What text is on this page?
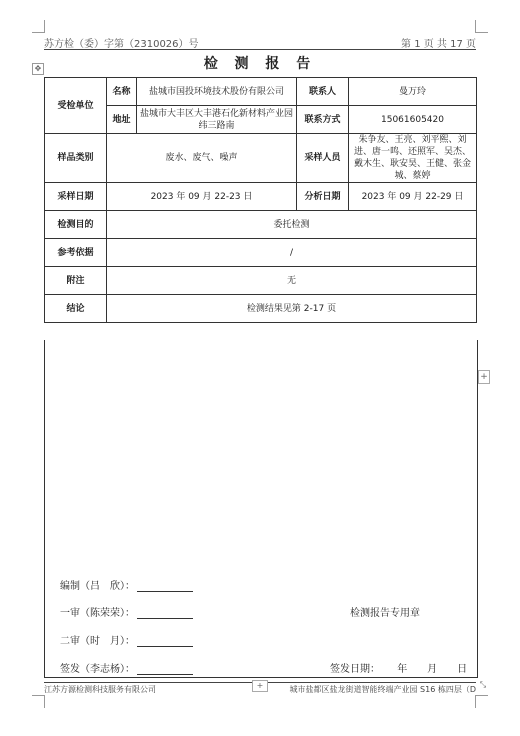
苏方检（委）字第（2310026）号	第 1 页 共 17 页
✥	检 测 报 告
受检单位	名称	盐城市国投环境技术股份有限公司	联系人	曼万玲
	地址	盐城市大丰区大丰港石化新材料产业园纬三路南	联系方式	15061605420
样品类别	废水、废气、噪声		采样人员	朱争友、王亮、刘平熙、刘进、唐一鸣、还照军、吴杰、戴木生、耿安昊、王健、张金城、蔡婷
采样日期	2023 年 09 月 22-23 日		分析日期	2023 年 09 月 22-29 日
检测目的	委托检测			
参考依据	/			
附注	无			
结论	检测结果见第 2-17 页			
编制（吕　欣）：
一审（陈荣荣）：	检测报告专用章
二审（时　月）：
签发（李志杨）：	签发日期： 年　　月　　日
+
江苏方源检测科技服务有限公司	城市盐都区盐龙街道智能终端产业园 S16 栋四层（D
+	⤡
